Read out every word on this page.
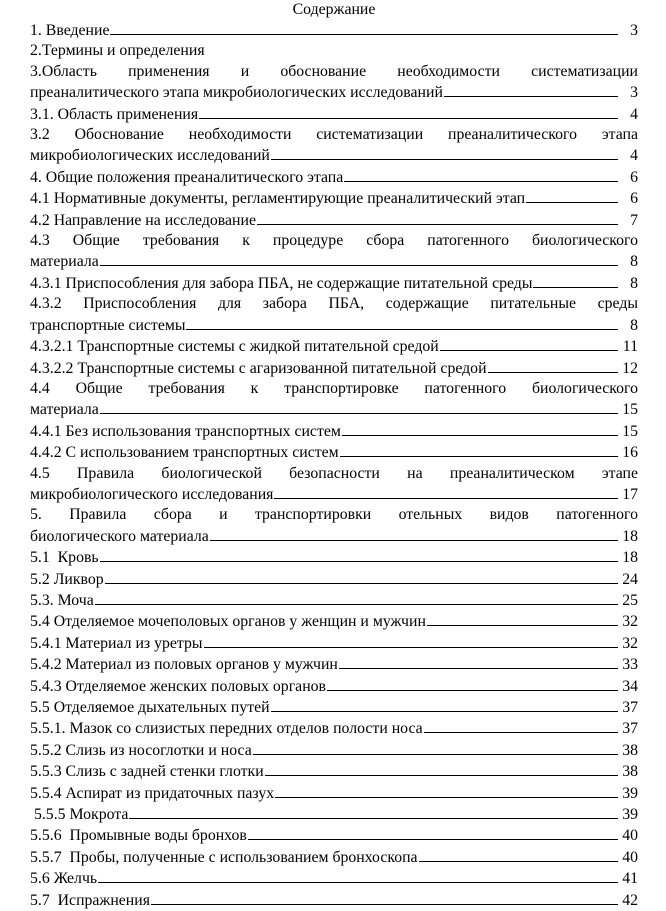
Содержание
1. Введение	3
2.Термины и определения
3.Область применения и обоснование необходимости систематизации
преаналитического этапа микробиологических исследований	3
3.1. Область применения	4
3.2 Обоснование необходимости систематизации преаналитического этапа
микробиологических исследований	4
4. Общие положения преаналитического этапа	6
4.1 Нормативные документы, регламентирующие преаналитический этап	6
4.2 Направление на исследование	7
4.3 Общие требования к процедуре сбора патогенного биологического
материала	8
4.3.1 Приспособления для забора ПБА, не содержащие питательной среды	8
4.3.2 Приспособления для забора ПБА, содержащие питательные среды
транспортные системы	8
4.3.2.1 Транспортные системы с жидкой питательной средой	11
4.3.2.2 Транспортные системы с агаризованной питательной средой	12
4.4 Общие требования к транспортировке патогенного биологического
материала	15
4.4.1 Без использования транспортных систем	15
4.4.2 С использованием транспортных систем	16
4.5 Правила биологической безопасности на преаналитическом этапе
микробиологического исследования	17
5. Правила сбора и транспортировки отельных видов патогенного
биологического материала	18
5.1  Кровь	18
5.2 Ликвор	24
5.3. Моча	25
5.4 Отделяемое мочеполовых органов у женщин и мужчин	32
5.4.1 Материал из уретры	32
5.4.2 Материал из половых органов у мужчин	33
5.4.3 Отделяемое женских половых органов	34
5.5 Отделяемое дыхательных путей	37
5.5.1. Мазок со слизистых передних отделов полости носа	37
5.5.2 Слизь из носоглотки и носа	38
5.5.3 Слизь с задней стенки глотки	38
5.5.4 Аспират из придаточных пазух	39
5.5.5 Мокрота	39
5.5.6  Промывные воды бронхов	40
5.5.7  Пробы, полученные с использованием бронхоскопа	40
5.6 Желчь	41
5.7  Испражнения	42
